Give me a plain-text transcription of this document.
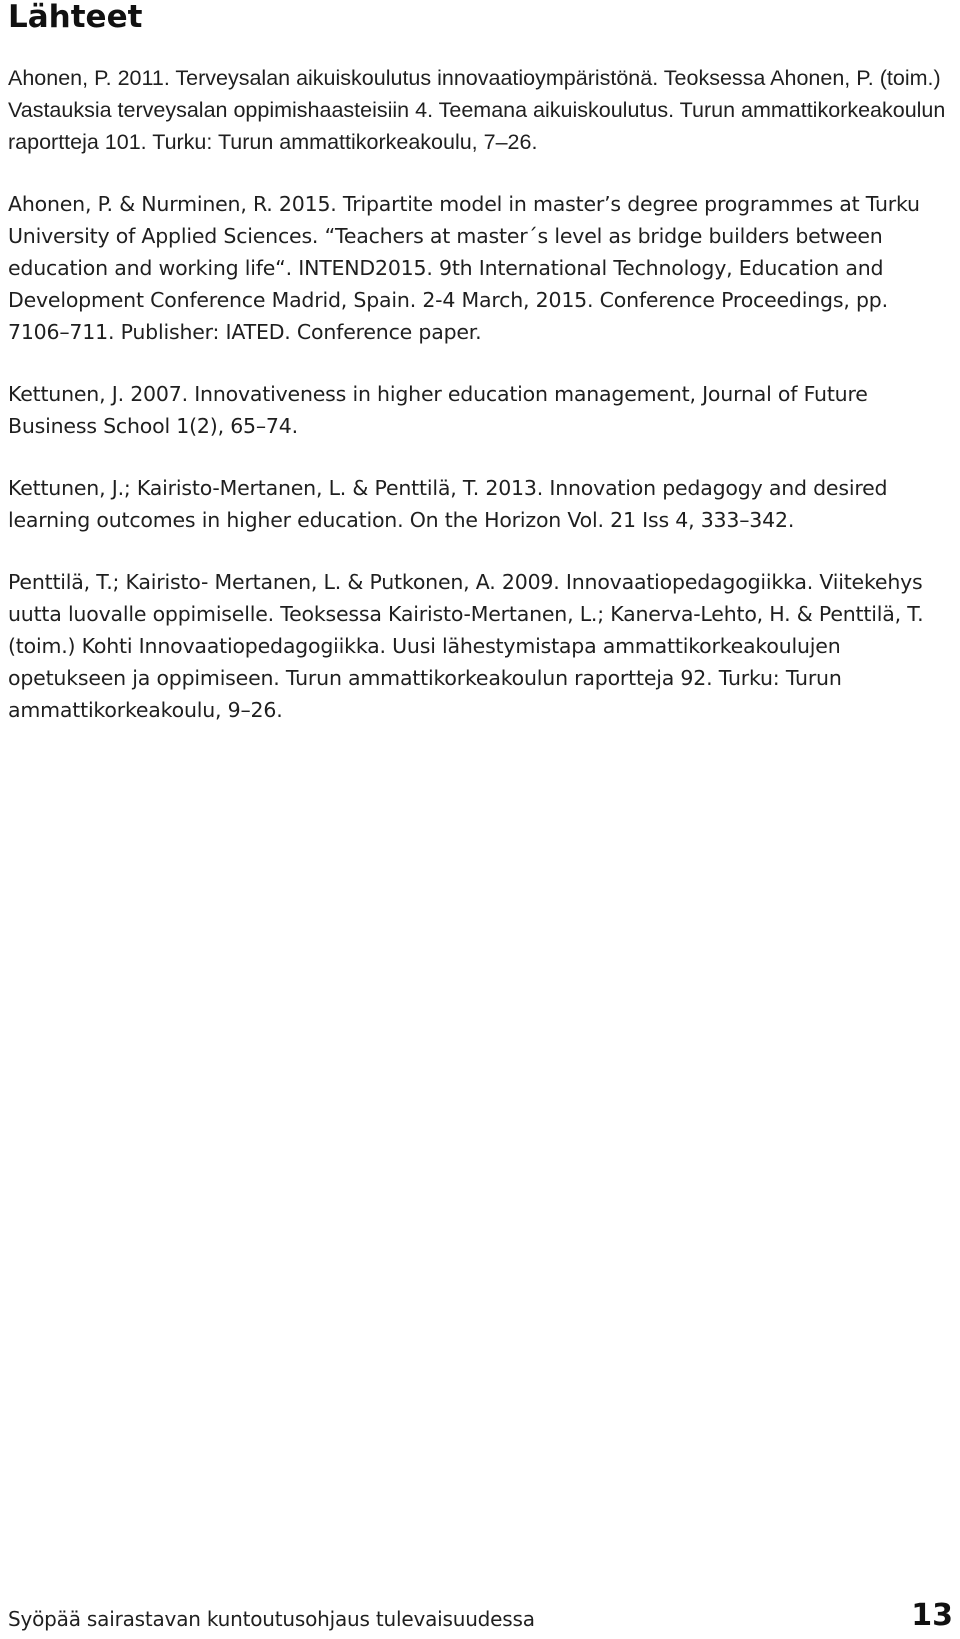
Lähteet
Ahonen, P. 2011. Terveysalan aikuiskoulutus innovaatioympäristönä. Teoksessa Ahonen, P. (toim.) Vastauksia terveysalan oppimishaasteisiin 4. Teemana aikuiskoulutus. Turun ammattikorkeakoulun raportteja 101. Turku: Turun ammattikorkeakoulu, 7–26.
Ahonen, P. & Nurminen, R. 2015. Tripartite model in master’s degree programmes at Turku University of Applied Sciences. “Teachers at master´s level as bridge builders between education and working life“. INTEND2015. 9th International Technology, Education and Development Conference Madrid, Spain. 2-4 March, 2015. Conference Proceedings, pp. 7106–711. Publisher: IATED. Conference paper.
Kettunen, J. 2007. Innovativeness in higher education management, Journal of Future Business School 1(2), 65–74.
Kettunen, J.; Kairisto-Mertanen, L. & Penttilä, T. 2013. Innovation pedagogy and desired learning outcomes in higher education. On the Horizon Vol. 21 Iss 4, 333–342.
Penttilä, T.; Kairisto- Mertanen, L. & Putkonen, A. 2009. Innovaatiopedagogiikka. Viitekehys uutta luovalle oppimiselle. Teoksessa Kairisto-Mertanen, L.; Kanerva-Lehto, H. & Penttilä, T. (toim.) Kohti Innovaatiopedagogiikka. Uusi lähestymistapa ammattikorkeakoulujen opetukseen ja oppimiseen. Turun ammattikorkeakoulun raportteja 92. Turku: Turun ammattikorkeakoulu, 9–26.
Syöpää sairastavan kuntoutusohjaus tulevaisuudessa	13
